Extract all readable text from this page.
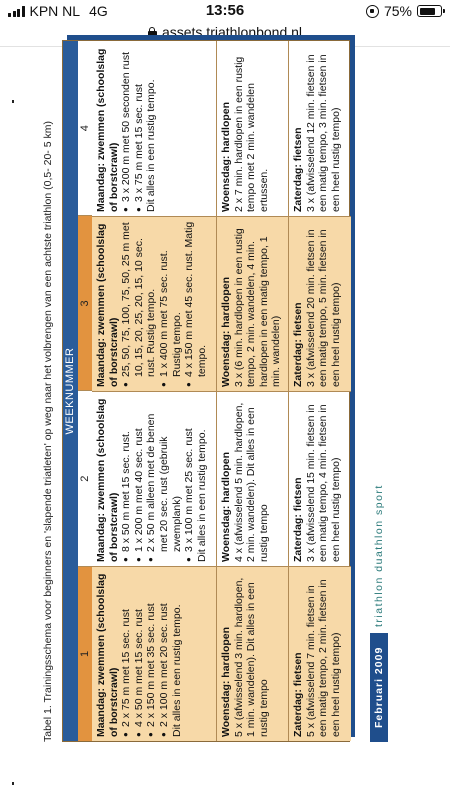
KPN NL 4G	13:56	75%
assets.triathlonbond.nl
Tabel 1. Trainingsschema voor beginners en 'slapende triatleten' op weg naar het volbrengen van een achtste triathlon (0,5- 20- 5 km) WEEKNUMMER
1
2
3
4
Maandag: zwemmen (schoolslag of borstcrawl) ● 2 x 75 m met 15 sec. rust ● 4 x 50 m met 15 sec. rust ● 2 x 150 m met 35 sec. rust ● 2 x 100 m met 20 sec. rust Dit alles in een rustig tempo.
Maandag: zwemmen (schoolslag of borstcrawl) ● 8 x 50 m met 15 sec. rust. ● 1 x 200 m met 40 sec. rust ● 2 x 50 m alleen met de benen met 20 sec. rust (gebruik zwemplank) ● 3 x 100 m met 25 sec. rust Dit alles in een rustig tempo.
Maandag: zwemmen (schoolslag of borstcrawl) ● 25, 50, 75, 100, 75, 50, 25 m met 10, 15, 20, 25, 20, 15, 10 sec. rust. Rustig tempo. ● 1 x 400 m met 75 sec. rust. Rustig tempo. ● 4 x 150 m met 45 sec. rust. Matig tempo.
Maandag: zwemmen (schoolslag of borstcrawl) ● 3 x 200 m met 50 seconden rust ● 3 x 75 m met 15 sec. rust Dit alles in een rustig tempo.
Woensdag: hardlopen 5 x (afwisselend 3 min. hardlopen, 1 min. wandelen). Dit alles in een rustig tempo
Woensdag: hardlopen 4 x (afwisselend 5 min. hardlopen, 2 min. wandelen). Dit alles in een rustig tempo
Woensdag: hardlopen 3 x (6 min. hardlopen in een rustig tempo, 2 min. wandelen, 4 min. hardlopen in een matig tempo, 1 min. wandelen)
Woensdag: hardlopen 2 x 7 min. hardlopen in een rustig tempo met 2 min. wandelen ertussen.
Zaterdag: fietsen 5 x (afwisselend 7 min. fietsen in een matig tempo, 2 min. fietsen in een heel rustig tempo)
Zaterdag: fietsen 3 x (afwisselend 15 min. fietsen in een matig tempo, 4 min. fietsen in een heel rustig tempo)
Zaterdag: fietsen 3 x (afwisselend 20 min. fietsen in een matig tempo, 5 min. fietsen in een heel rustig tempo)
Zaterdag: fietsen 3 x (afwisselend 12 min. fietsen in een matig tempo, 3 min. fietsen in een heel rustig tempo)
Februari 2009
triathlon duathlon sport
